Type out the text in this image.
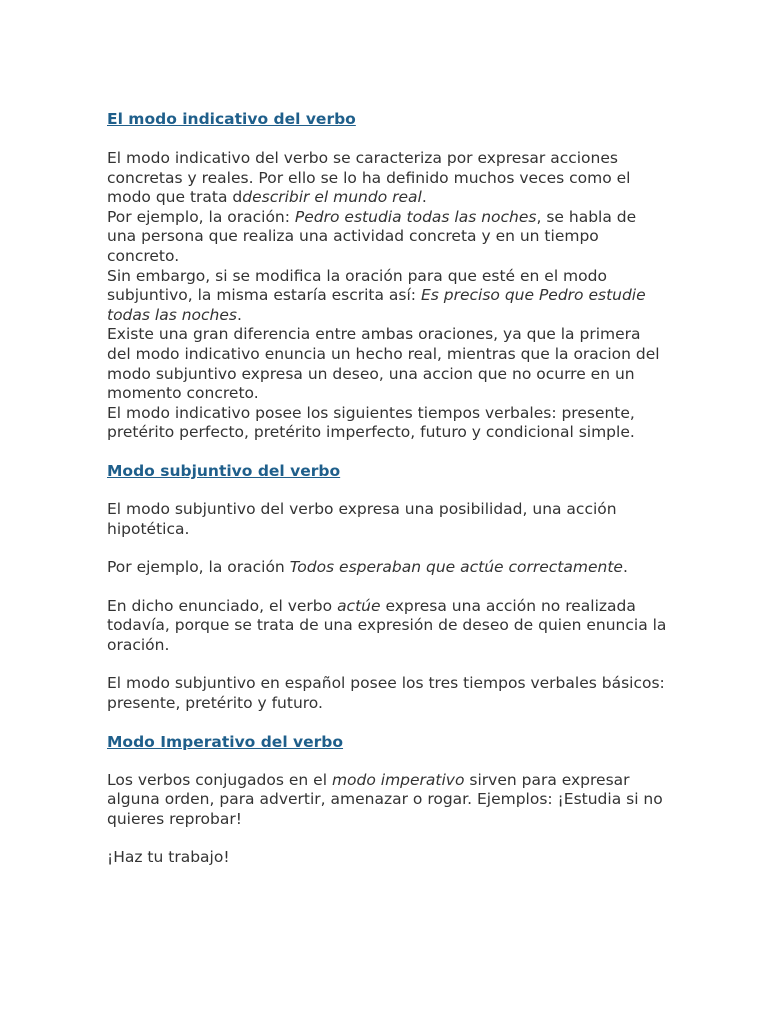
El modo indicativo del verbo

El modo indicativo del verbo se caracteriza por expresar acciones concretas y reales. Por ello se lo ha definido muchos veces como el modo que trata ddescribir el mundo real.

Por ejemplo, la oración: Pedro estudia todas las noches, se habla de una persona que realiza una actividad concreta y en un tiempo concreto.

Sin embargo, si se modifica la oración para que esté en el modo subjuntivo, la misma estaría escrita así: Es preciso que Pedro estudie todas las noches.

Existe una gran diferencia entre ambas oraciones, ya que la primera del modo indicativo enuncia un hecho real, mientras que la oracion del modo subjuntivo expresa un deseo, una accion que no ocurre en un momento concreto.

El modo indicativo posee los siguientes tiempos verbales: presente, pretérito perfecto, pretérito imperfecto, futuro y condicional simple.

Modo subjuntivo del verbo

El modo subjuntivo del verbo expresa una posibilidad, una acción hipotética.

Por ejemplo, la oración Todos esperaban que actúe correctamente.

En dicho enunciado, el verbo actúe expresa una acción no realizada todavía, porque se trata de una expresión de deseo de quien enuncia la oración.

El modo subjuntivo en español posee los tres tiempos verbales básicos: presente, pretérito y futuro.

Modo Imperativo del verbo

Los verbos conjugados en el modo imperativo sirven para expresar alguna orden, para advertir, amenazar o rogar. Ejemplos: ¡Estudia si no quieres reprobar!

¡Haz tu trabajo!
